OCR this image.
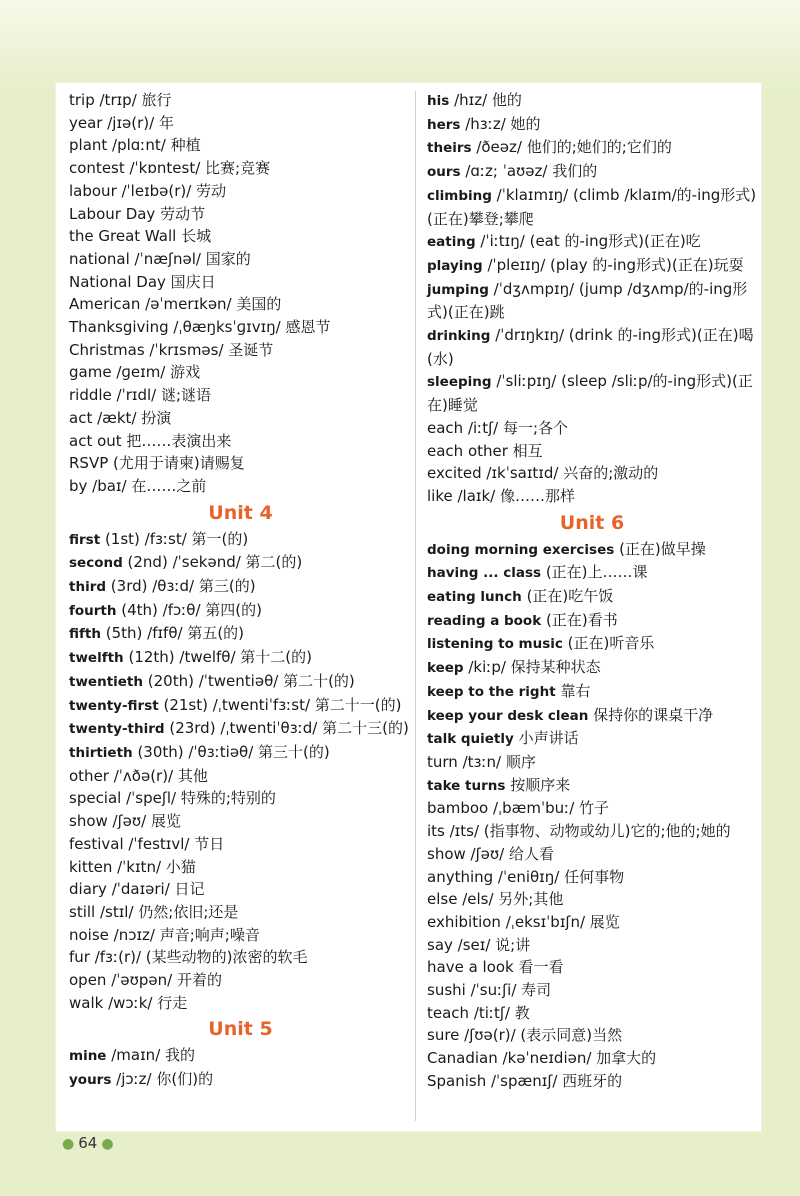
trip /trɪp/ 旅行
year /jɪə(r)/ 年
plant /plɑːnt/ 种植
contest /ˈkɒntest/ 比赛;竞赛
labour /ˈleɪbə(r)/ 劳动
Labour Day 劳动节
the Great Wall 长城
national /ˈnæʃnəl/ 国家的
National Day 国庆日
American /əˈmerɪkən/ 美国的
Thanksgiving /ˌθæŋksˈɡɪvɪŋ/ 感恩节
Christmas /ˈkrɪsməs/ 圣诞节
game /ɡeɪm/ 游戏
riddle /ˈrɪdl/ 谜;谜语
act /ækt/ 扮演
act out 把……表演出来
RSVP (尤用于请柬)请赐复
by /baɪ/ 在……之前
Unit 4
first (1st) /fɜːst/ 第一(的)
second (2nd) /ˈsekənd/ 第二(的)
third (3rd) /θɜːd/ 第三(的)
fourth (4th) /fɔːθ/ 第四(的)
fifth (5th) /fɪfθ/ 第五(的)
twelfth (12th) /twelfθ/ 第十二(的)
twentieth (20th) /ˈtwentiəθ/ 第二十(的)
twenty-first (21st) /ˌtwentiˈfɜːst/ 第二十一(的)
twenty-third (23rd) /ˌtwentiˈθɜːd/ 第二十三(的)
thirtieth (30th) /ˈθɜːtiəθ/ 第三十(的)
other /ˈʌðə(r)/ 其他
special /ˈspeʃl/ 特殊的;特别的
show /ʃəʊ/ 展览
festival /ˈfestɪvl/ 节日
kitten /ˈkɪtn/ 小猫
diary /ˈdaɪəri/ 日记
still /stɪl/ 仍然;依旧;还是
noise /nɔɪz/ 声音;响声;噪音
fur /fɜː(r)/ (某些动物的)浓密的软毛
open /ˈəʊpən/ 开着的
walk /wɔːk/ 行走
Unit 5
mine /maɪn/ 我的
yours /jɔːz/ 你(们)的
his /hɪz/ 他的
hers /hɜːz/ 她的
theirs /ðeəz/ 他们的;她们的;它们的
ours /ɑːz; ˈaʊəz/ 我们的
climbing /ˈklaɪmɪŋ/ (climb /klaɪm/的-ing形式)(正在)攀登;攀爬
eating /ˈiːtɪŋ/ (eat 的-ing形式)(正在)吃
playing /ˈpleɪɪŋ/ (play 的-ing形式)(正在)玩耍
jumping /ˈdʒʌmpɪŋ/ (jump /dʒʌmp/的-ing形式)(正在)跳
drinking /ˈdrɪŋkɪŋ/ (drink 的-ing形式)(正在)喝(水)
sleeping /ˈsliːpɪŋ/ (sleep /sliːp/的-ing形式)(正在)睡觉
each /iːtʃ/ 每一;各个
each other 相互
excited /ɪkˈsaɪtɪd/ 兴奋的;激动的
like /laɪk/ 像……那样
Unit 6
doing morning exercises (正在)做早操
having ... class (正在)上……课
eating lunch (正在)吃午饭
reading a book (正在)看书
listening to music (正在)听音乐
keep /kiːp/ 保持某种状态
keep to the right 靠右
keep your desk clean 保持你的课桌干净
talk quietly 小声讲话
turn /tɜːn/ 顺序
take turns 按顺序来
bamboo /ˌbæmˈbuː/ 竹子
its /ɪts/ (指事物、动物或幼儿)它的;他的;她的
show /ʃəʊ/ 给人看
anything /ˈeniθɪŋ/ 任何事物
else /els/ 另外;其他
exhibition /ˌeksɪˈbɪʃn/ 展览
say /seɪ/ 说;讲
have a look 看一看
sushi /ˈsuːʃi/ 寿司
teach /tiːtʃ/ 教
sure /ʃʊə(r)/ (表示同意)当然
Canadian /kəˈneɪdiən/ 加拿大的
Spanish /ˈspænɪʃ/ 西班牙的
● 64 ●
